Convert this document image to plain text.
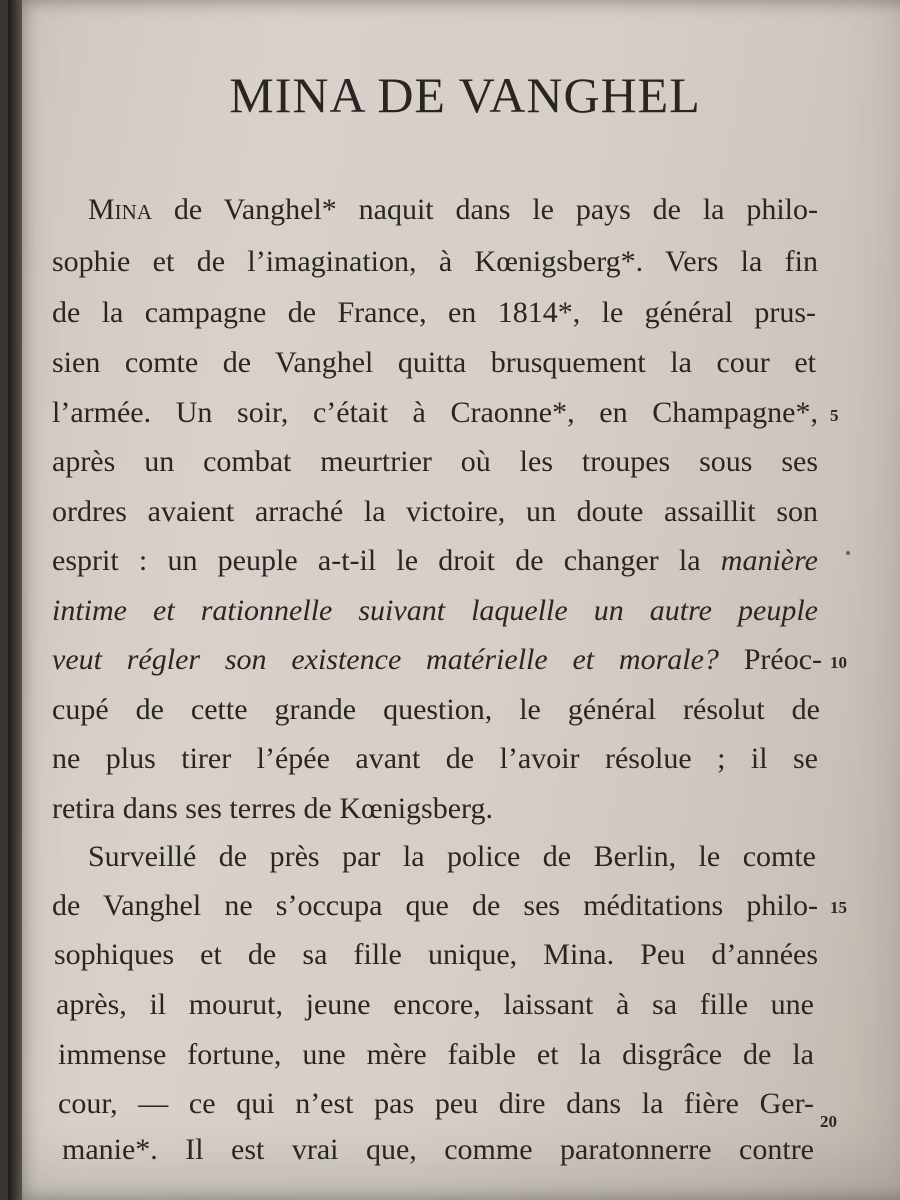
MINA DE VANGHEL
Mina de Vanghel* naquit dans le pays de la philo-
sophie et de l’imagination, à Kœnigsberg*. Vers la fin
de la campagne de France, en 1814*, le général prus-
sien comte de Vanghel quitta brusquement la cour et
l’armée. Un soir, c’était à Craonne*, en Champagne*,
après un combat meurtrier où les troupes sous ses
ordres avaient arraché la victoire, un doute assaillit son
esprit : un peuple a-t-il le droit de changer la manière
intime et rationnelle suivant laquelle un autre peuple
veut régler son existence matérielle et morale? Préoc-
cupé de cette grande question, le général résolut de
ne plus tirer l’épée avant de l’avoir résolue ; il se
retira dans ses terres de Kœnigsberg.
Surveillé de près par la police de Berlin, le comte
de Vanghel ne s’occupa que de ses méditations philo-
sophiques et de sa fille unique, Mina. Peu d’années
après, il mourut, jeune encore, laissant à sa fille une
immense fortune, une mère faible et la disgrâce de la
cour, — ce qui n’est pas peu dire dans la fière Ger-
manie*. Il est vrai que, comme paratonnerre contre
5
10
15
20
